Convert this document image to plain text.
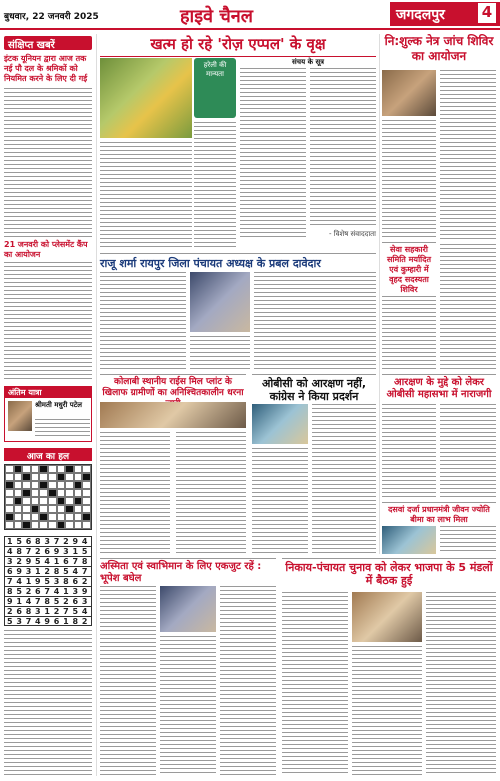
बुधवार, 22 जनवरी 2025	हाइवे चैनल	जगदलपुर 4
संक्षिप्त खबरें
इंटक यूनियन द्वारा आज तक नई पौ दल के श्रमिकों को नियमित करने के लिए दी गई
21 जनवरी को प्लेसमेंट कैंप का आयोजन
अंतिम यात्रा
श्रीमती मधुरी पटेल
आज का हल
1 5 6 8 3 7 2 9 4
4 8 7 2 6 9 3 1 5
3 2 9 5 4 1 6 7 8
6 9 3 1 2 8 5 4 7
7 4 1 9 5 3 8 6 2
8 5 2 6 7 4 1 3 9
9 1 4 7 8 5 2 6 3
2 6 8 3 1 2 7 5 4
5 3 7 4 9 6 1 8 2
खत्म हो रहे 'रोज़ एप्पल' के वृक्ष
हरेली की मान्यता
संचय के सूत्र
- विशेष संवाददाता
राजू शर्मा रायपुर जिला पंचायत अध्यक्ष के प्रबल दावेदार
कोलाबी स्थानीय राईस मिल प्लांट के खिलाफ ग्रामीणों का अनिश्चितकालीन धरना
ओबीसी को आरक्षण नहीं, कांग्रेस ने किया प्रदर्शन
अस्मिता एवं स्वाभिमान के लिए एकजुट रहें : भूपेश बघेल
निकाय-पंचायत चुनाव को लेकर भाजपा के 5 मंडलों में बैठक हुई
नि:शुल्क नेत्र जांच शिविर का आयोजन
सेवा सहकारी समिति मर्यादित एवं कुम्हारी में वृहद सदस्यता शिविर
आरक्षण के मुद्दे को लेकर ओबीसी महासभा में नाराजगी
दसवां दर्जा प्रधानमंत्री जीवन ज्योति बीमा का लाभ मिला
